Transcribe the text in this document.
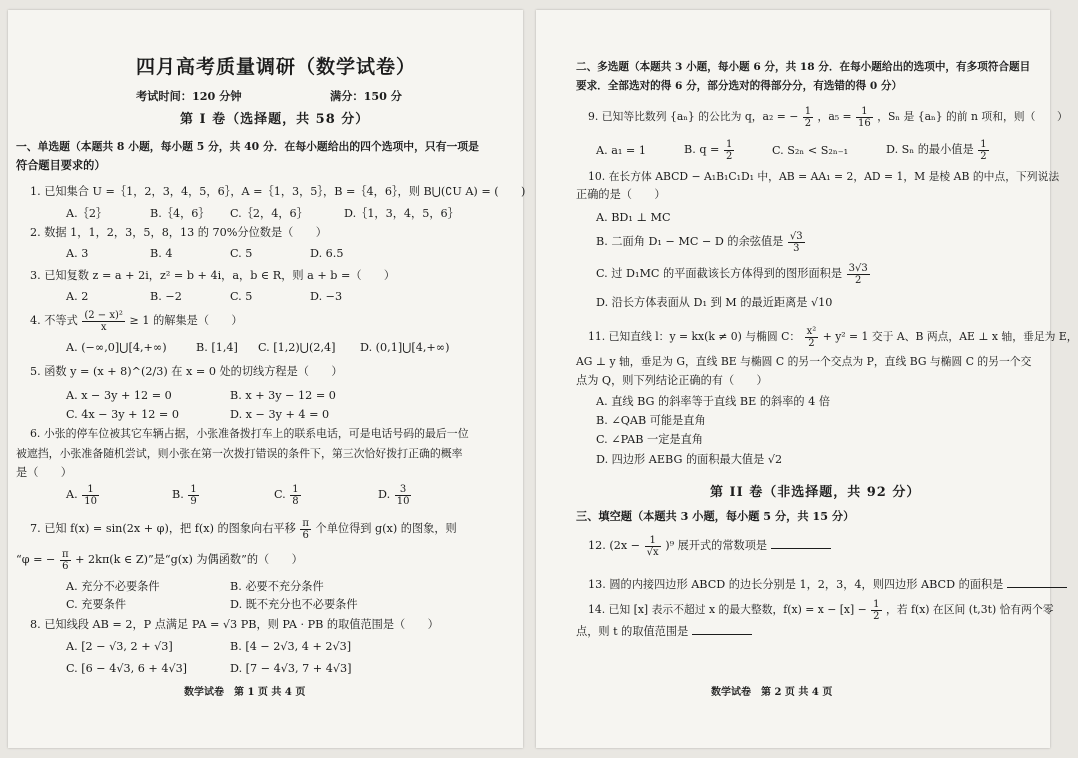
四月高考质量调研（数学试卷）
考试时间：120 分钟	满分：150 分
第 I 卷（选择题，共 58 分）
一、单选题（本题共 8 小题，每小题 5 分，共 40 分．在每小题给出的四个选项中，只有一项是
符合题目要求的）
1. 已知集合 U =｛1，2，3，4，5，6｝，A =｛1，3，5｝，B =｛4，6｝，则 B⋃(∁U A) = (　　)
A.｛2｝	B.｛4，6｝ C.｛2，4，6｝	D.｛1，3，4，5，6｝
2. 数据 1，1，2，3，5，8，13 的 70%分位数是（　　）
A. 3	B. 4	C. 5	D. 6.5
3. 已知复数 z = a + 2i，z² = b + 4i，a，b ∈ R，则 a + b =（　　）
A. 2	B. −2	C. 5	D. −3
4. 不等式 $\frac{\text{(2 − x)²}}{x} \ge 1$ 的解集是（　　）
A. (−∞,0]⋃[4,+∞)	B. [1,4] C. [1,2)⋃(2,4] D. (0,1]⋃[4,+∞)
5. 函数 y = (x + 8)^(2/3) 在 x = 0 处的切线方程是（　　）
A. x − 3y + 12 = 0	B. x + 3y − 12 = 0
C. 4x − 3y + 12 = 0	D. x − 3y + 4 = 0
6. 小张的停车位被其它车辆占据，小张准备拨打车上的联系电话，可是电话号码的最后一位
被遮挡，小张准备随机尝试，则小张在第一次拨打错误的条件下，第三次恰好拨打正确的概率
是（　　）
A. $\frac{1}{10}$	B. $\frac{1}{9}$	C. $\frac{1}{8}$	D. $\frac{3}{10}$
7. 已知 f(x) = sin(2x + φ)，把 f(x) 的图象向右平移 $\frac{\pi}{6}$ 个单位得到 g(x) 的图象，则
“φ = − $\frac{\pi}{6} + 2k\pi(k$ ∈ Z)”是“g(x) 为偶函数”的（　　）
A. 充分不必要条件	B. 必要不充分条件
C. 充要条件	D. 既不充分也不必要条件
8. 已知线段 AB = 2，P 点满足 PA = √3 PB，则 PA · PB 的取值范围是（　　）
A. [2 − √3, 2 + √3]	B. [4 − 2√3, 4 + 2√3]
C. [6 − 4√3, 6 + 4√3]	D. [7 − 4√3, 7 + 4√3]
数学试卷　第 1 页 共 4 页
二、多选题（本题共 3 小题，每小题 6 分，共 18 分．在每小题给出的选项中，有多项符合题目
要求．全部选对的得 6 分，部分选对的得部分分，有选错的得 0 分）
9. 已知等比数列 {aₙ} 的公比为 q，a₂ = − $\frac{1}{2}$ ，$a_5 = \frac{1}{16}$ ，Sₙ 是 {aₙ} 的前 n 项和，则（　　）
A. a₁ = 1	B. $q = \frac{1}{2}$	C. S₂ₙ < S₂ₙ₋₁	D. Sₙ 的最小值是 $\frac{1}{2}$
10. 在长方体 ABCD − A₁B₁C₁D₁ 中，AB = AA₁ = 2，AD = 1，M 是棱 AB 的中点，下列说法
正确的是（　　）
A. BD₁ ⊥ MC
B. 二面角 D₁ − MC − D 的余弦值是 $\frac{√3}{3}$
C. 过 D₁MC 的平面截该长方体得到的图形面积是 $\frac{3√3}{2}$
D. 沿长方体表面从 D₁ 到 M 的最近距离是 √10
11. 已知直线 l：y = kx(k ≠ 0) 与椭圆 C： $\frac{\text{x²}}{2} + y^2 = 1$ 交于 A、B 两点，AE ⊥ x 轴，垂足为 E，
AG ⊥ y 轴，垂足为 G，直线 BE 与椭圆 C 的另一个交点为 P，直线 BG 与椭圆 C 的另一个交
点为 Q，则下列结论正确的有（　　）
A. 直线 BG 的斜率等于直线 BE 的斜率的 4 倍
B. ∠QAB 可能是直角
C. ∠PAB 一定是直角
D. 四边形 AEBG 的面积最大值是 √2
第 II 卷（非选择题，共 92 分）
三、填空题（本题共 3 小题，每小题 5 分，共 15 分）
12. $(2x - \frac{1}{√x} )^9$ 展开式的常数项是
13. 圆的内接四边形 ABCD 的边长分别是 1，2，3，4，则四边形 ABCD 的面积是
14. 已知 [x] 表示不超过 x 的最大整数，$f(x) = x - [x] - \frac{1}{2}$ ，若 f(x) 在区间 (t,3t) 恰有两个零
点，则 t 的取值范围是
数学试卷　第 2 页 共 4 页
